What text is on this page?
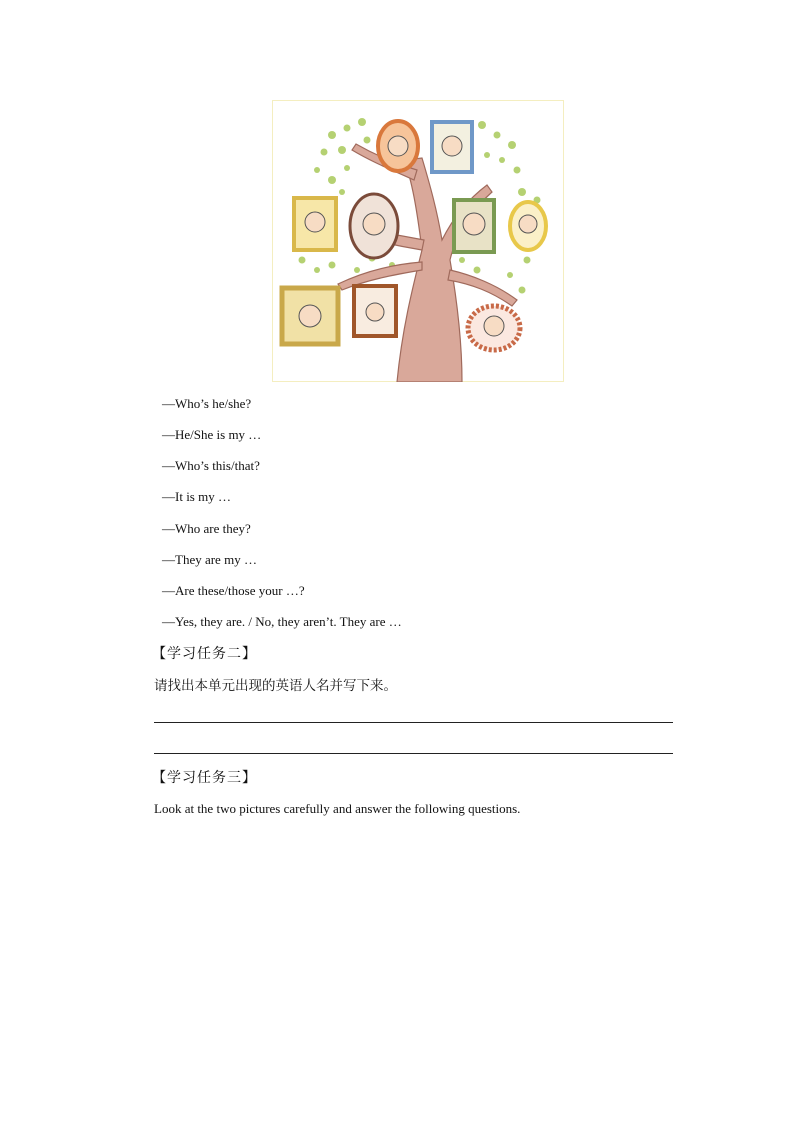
—Who’s he/she?
—He/She is my …
—Who’s this/that?
—It is my …
—Who are they?
—They are my …
—Are these/those your …?
—Yes, they are. / No, they aren’t. They are …
【学习任务二】
请找出本单元出现的英语人名并写下来。
【学习任务三】
Look at the two pictures carefully and answer the following questions.
